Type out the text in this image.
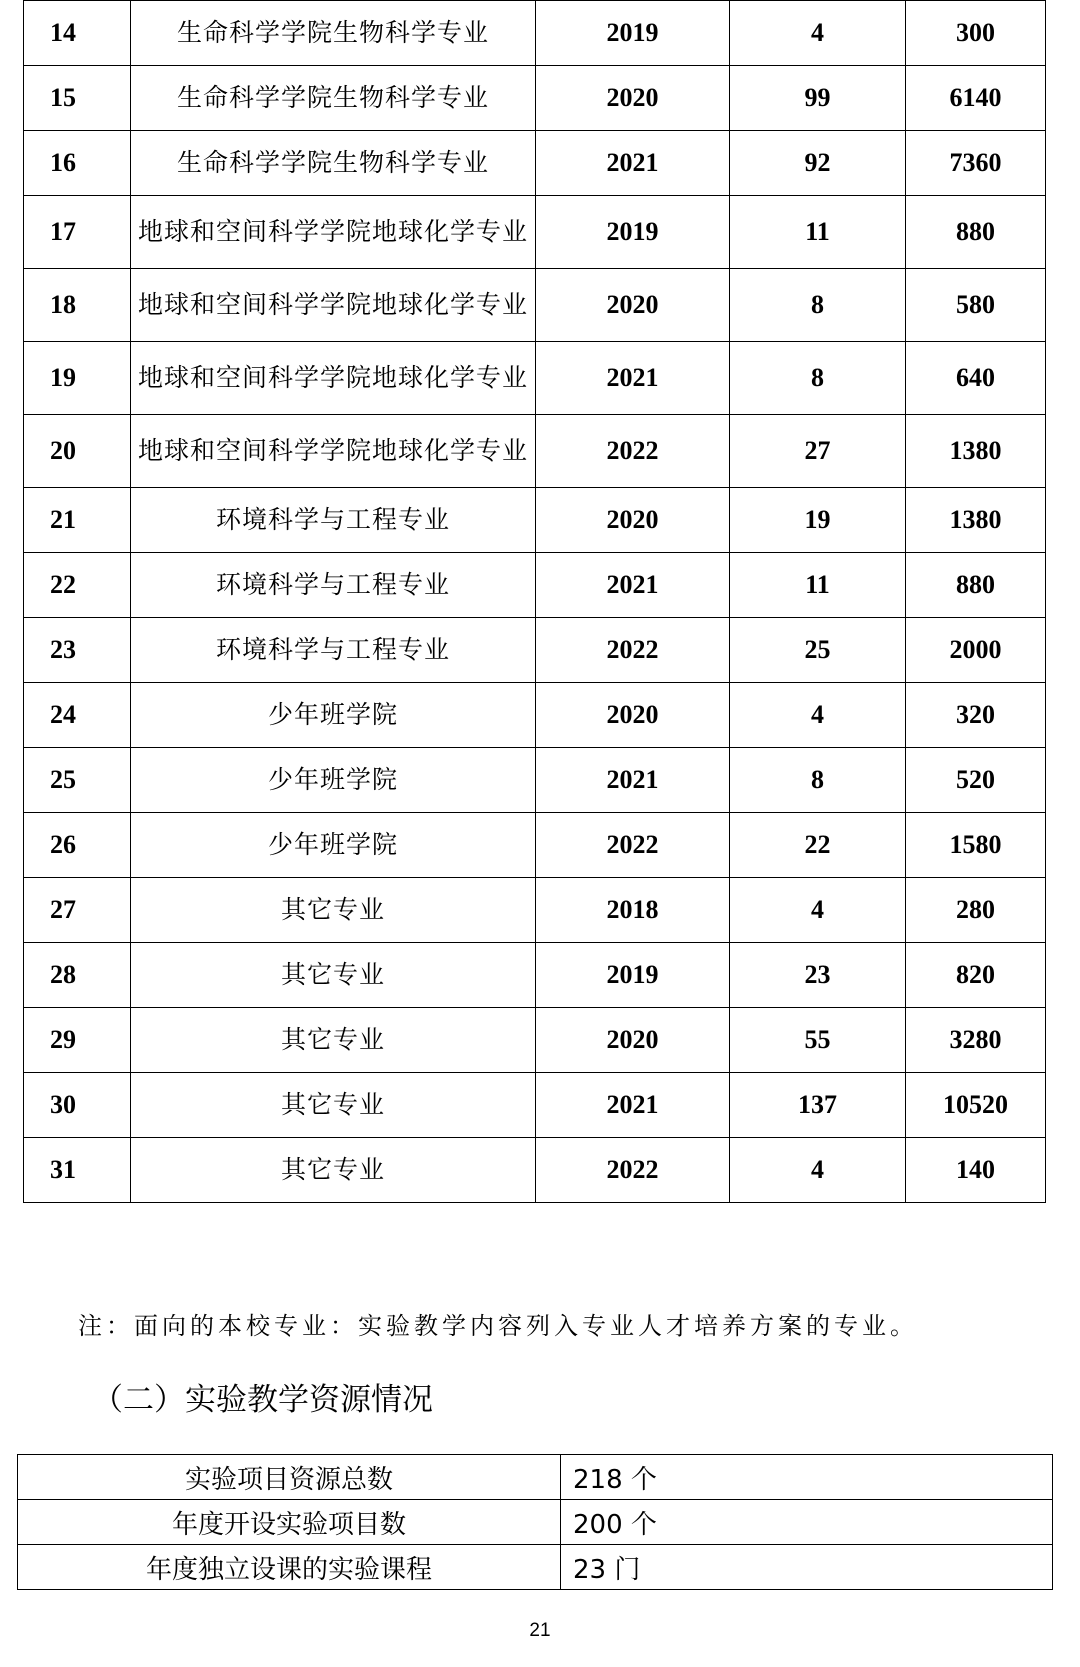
14	生命科学学院生物科学专业	2019	4	300
15	生命科学学院生物科学专业	2020	99	6140
16	生命科学学院生物科学专业	2021	92	7360
17	地球和空间科学学院地球化学专业	2019	11	880
18	地球和空间科学学院地球化学专业	2020	8	580
19	地球和空间科学学院地球化学专业	2021	8	640
20	地球和空间科学学院地球化学专业	2022	27	1380
21	环境科学与工程专业	2020	19	1380
22	环境科学与工程专业	2021	11	880
23	环境科学与工程专业	2022	25	2000
24	少年班学院	2020	4	320
25	少年班学院	2021	8	520
26	少年班学院	2022	22	1580
27	其它专业	2018	4	280
28	其它专业	2019	23	820
29	其它专业	2020	55	3280
30	其它专业	2021	137	10520
31	其它专业	2022	4	140
注：面向的本校专业：实验教学内容列入专业人才培养方案的专业。
（二）实验教学资源情况
实验项目资源总数	218 个
年度开设实验项目数	200 个
年度独立设课的实验课程	23 门
21
